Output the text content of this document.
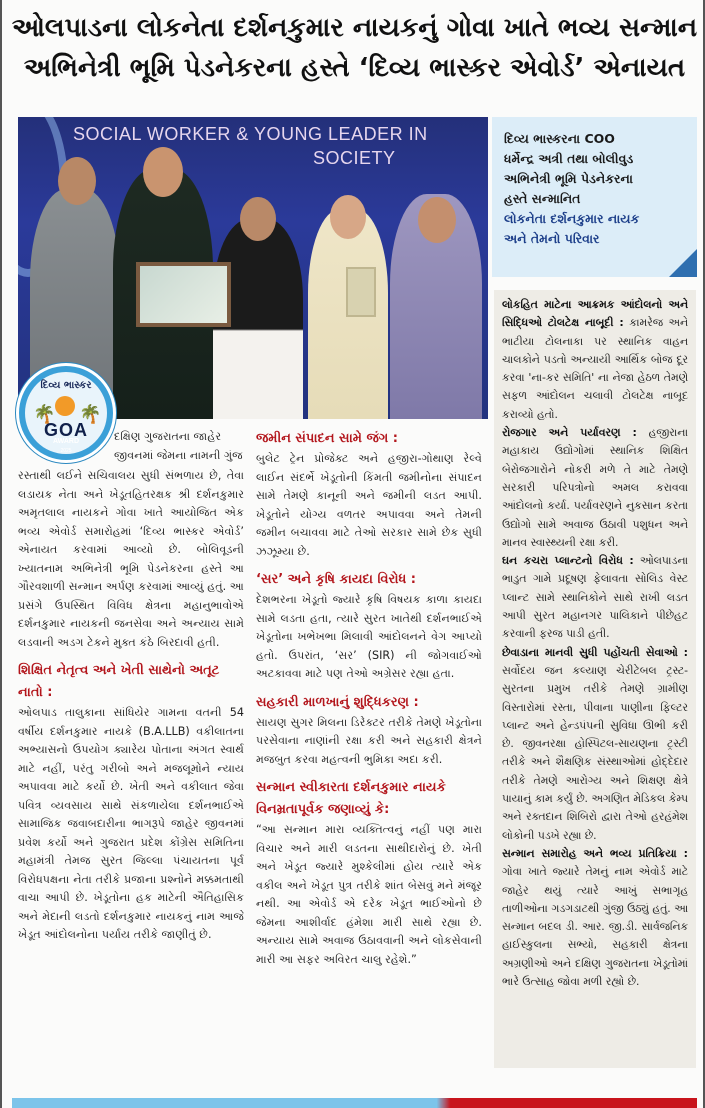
ઓલપાડના લોકનેતા દર્શનકુમાર નાયકનું ગોવા ખાતે ભવ્ય સન્માન
અભિનેત્રી ભૂમિ પેડનેકરના હસ્તે ‘દિવ્ય ભાસ્કર એવોર્ડ’ એનાયત
SOCIAL WORKER & YOUNG LEADER IN
SOCIETY
દિવ્ય ભાસ્કર
🌴 🌴
GOA
AWARD
2025
દિવ્ય ભાસ્કરના COO
ધર્મેન્દ્ર અત્રી તથા બોલીવુડ
અભિનેત્રી ભૂમિ પેડનેકરના
હસ્તે સન્માનિત
લોકનેતા દર્શનકુમાર નાયક
અને તેમનો પરિવાર

દક્ષિણ ગુજરાતના જાહેર જીવનમાં જેમના નામની ગુંજ

રસ્તાથી લઈને સચિવાલય સુધી સંભળાય છે, તેવા લડાયક નેતા અને ખેડૂતહિતરક્ષક શ્રી દર્શનકુમાર અમૃતલાલ નાયકને ગોવા ખાતે આયોજિત એક ભવ્ય એવોર્ડ સમારોહમાં ‘દિવ્ય ભાસ્કર એવોર્ડ’ એનાયત કરવામાં આવ્યો છે. બોલિવૂડની ખ્યાતનામ અભિનેત્રી ભૂમિ પેડનેકરના હસ્તે આ ગૌરવશાળી સન્માન અર્પણ કરવામાં આવ્યું હતું. આ પ્રસંગે ઉપસ્થિત વિવિધ ક્ષેત્રના મહાનુભાવોએ દર્શનકુમાર નાયકની જનસેવા અને અન્યાય સામે લડવાની અડગ ટેકને મુક્ત કંઠે બિરદાવી હતી.

શિક્ષિત નેતૃત્વ અને ખેતી સાથેનો અતૂટ નાતો :

ઓલપાડ તાલુકાના સાંધિયેર ગામના વતની 54 વર્ષીય દર્શનકુમાર નાયકે (B.A.LLB) વકીલાતના અભ્યાસનો ઉપયોગ ક્યારેય પોતાના અંગત સ્વાર્થ માટે નહીં, પરંતુ ગરીબો અને મજલૂમોને ન્યાય અપાવવા માટે કર્યો છે. ખેતી અને વકીલાત જેવા પવિત્ર વ્યવસાય સાથે સંકળાયેલા દર્શનભાઈએ સામાજિક જવાબદારીના ભાગરૂપે જાહેર જીવનમાં પ્રવેશ કર્યો અને ગુજરાત પ્રદેશ કોંગ્રેસ સમિતિના મહામંત્રી તેમજ સુરત જિલ્લા પંચાયતના પૂર્વ વિરોધપક્ષના નેતા તરીકે પ્રજાના પ્રશ્નોને મક્કમતાથી વાચા આપી છે. ખેડૂતોના હક માટેની ઐતિહાસિક અને મેદાની લડતો દર્શનકુમાર નાયકનું નામ આજે ખેડૂત આંદોલનોના પર્યાય તરીકે જાણીતું છે.

જમીન સંપાદન સામે જંગ :

બુલેટ ટ્રેન પ્રોજેક્ટ અને હજીરા-ગોથાણ રેલ્વે લાઈન સંદર્ભે ખેડૂતોની કિંમતી જમીનોના સંપાદન સામે તેમણે કાનૂની અને જમીની લડત આપી. ખેડૂતોને યોગ્ય વળતર અપાવવા અને તેમની જમીન બચાવવા માટે તેઓ સરકાર સામે છેક સુધી ઝઝૂમ્યા છે.

‘સર’ અને કૃષિ કાયદા વિરોધ :

દેશભરના ખેડૂતો જ્યારે કૃષિ વિષયક કાળા કાયદા સામે લડતા હતા, ત્યારે સુરત ખાતેથી દર્શનભાઈએ ખેડૂતોના ખભેખભા મિલાવી આંદોલનને વેગ આપ્યો હતો. ઉપરાંત, ‘સર’ (SIR) ની જોગવાઈઓ અટકાવવા માટે પણ તેઓ અગ્રેસર રહ્યા હતા.

સહકારી માળખાનું શુદ્ધિકરણ :

સાયણ સુગર મિલના ડિરેક્ટર તરીકે તેમણે ખેડૂતોના પરસેવાના નાણાંની રક્ષા કરી અને સહકારી ક્ષેત્રને મજબુત કરવા મહત્વની ભુમિકા અદા કરી.

સન્માન સ્વીકારતા દર્શનકુમાર નાયકે વિનમ્રતાપૂર્વક જણાવ્યું કે:

“આ સન્માન મારા વ્યક્તિત્વનું નહીં પણ મારા વિચાર અને મારી લડતના સાથીદારોનું છે. ખેતી અને ખેડૂત જ્યારે મુશ્કેલીમાં હોય ત્યારે એક વકીલ અને ખેડૂત પુત્ર તરીકે શાંત બેસવું મને મંજૂર નથી. આ એવોર્ડ એ દરેક ખેડૂત ભાઈઓનો છે જેમના આશીર્વાદ હંમેશા મારી સાથે રહ્યા છે. અન્યાય સામે અવાજ ઉઠાવવાની અને લોકસેવાની મારી આ સફર અવિરત ચાલુ રહેશે.”

લોકહિત માટેના આક્રમક આંદોલનો અને સિદ્ધિઓ ટોલટેક્ષ નાબૂદી : કામરેજ અને ભાટીયા ટોલનાકા પર સ્થાનિક વાહન ચાલકોને પડતો અન્યાયી આર્થિક બોજ દૂર કરવા 'ના-કર સમિતિ' ના નેજા હેઠળ તેમણે સફળ આંદોલન ચલાવી ટોલટેક્ષ નાબૂદ કરાવ્યો હતો.

રોજગાર અને પર્યાવરણ : હજીરાના મહાકાય ઉદ્યોગોમાં સ્થાનિક શિક્ષિત બેરોજગારોને નોકરી મળે તે માટે તેમણે સરકારી પરિપત્રોનો અમલ કરાવવા આંદોલનો કર્યા. પર્યાવરણને નુકસાન કરતા ઉદ્યોગો સામે અવાજ ઉઠાવી પશુધન અને માનવ સ્વાસ્થ્યની રક્ષા કરી.

ઘન કચરા પ્લાન્ટનો વિરોધ : ઓલપાડના ભાડુત ગામે પ્રદૂષણ ફેલાવતા સોલિડ વેસ્ટ પ્લાન્ટ સામે સ્થાનિકોને સાથે રાખી લડત આપી સુરત મહાનગર પાલિકાને પીછેહટ કરવાની ફરજ પાડી હતી.

છેવાડાના માનવી સુધી પહોંચતી સેવાઓ : સર્વોદય જન કલ્યાણ ચેરીટેબલ ટ્રસ્ટ-સુરતના પ્રમુખ તરીકે તેમણે ગ્રામીણ વિસ્તારોમાં રસ્તા, પીવાના પાણીના ફિલ્ટર પ્લાન્ટ અને હેન્ડપંપની સુવિધા ઊભી કરી છે. જીવનરક્ષા હોસ્પિટલ-સાયણના ટ્રસ્ટી તરીકે અને શૈક્ષણિક સંસ્થાઓમાં હોદ્દેદાર તરીકે તેમણે આરોગ્ય અને શિક્ષણ ક્ષેત્રે પાયાનું કામ કર્યું છે. અગણિત મેડિકલ કેમ્પ અને રક્તદાન શિબિરો દ્વારા તેઓ હરહંમેશ લોકોની પડખે રહ્યા છે.

સન્માન સમારોહ અને ભવ્ય પ્રતિક્રિયા : ગોવા ખાતે જ્યારે તેમનું નામ એવોર્ડ માટે જાહેર થયું ત્યારે આખું સભાગૃહ તાળીઓના ગડગડાટથી ગુંજી ઉઠ્યું હતું. આ સન્માન બદલ ડી. આર. જી.ડી. સાર્વજનિક હાઈસ્કુલના સભ્યો, સહકારી ક્ષેત્રના અગ્રણીઓ અને દક્ષિણ ગુજરાતના ખેડૂતોમાં ભારે ઉત્સાહ જોવા મળી રહ્યો છે.
